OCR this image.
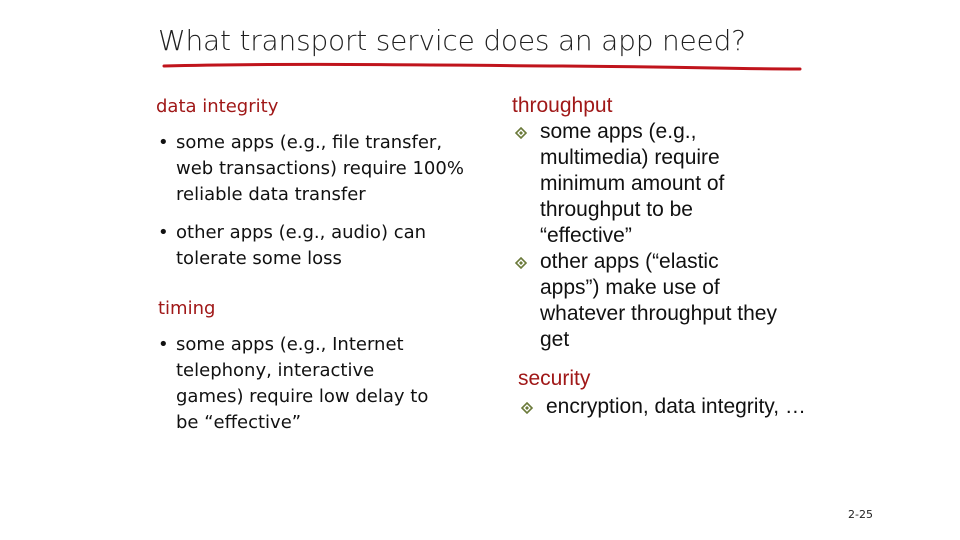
What transport service does an app need?
data integrity
• some apps (e.g., file transfer, web transactions) require 100% reliable data transfer
• other apps (e.g., audio) can tolerate some loss
timing
• some apps (e.g., Internet telephony, interactive games) require low delay to be “effective”
throughput
some apps (e.g., multimedia) require minimum amount of throughput to be “effective”
other apps (“elastic apps”) make use of whatever throughput they get
security
encryption, data integrity, …
2-25
